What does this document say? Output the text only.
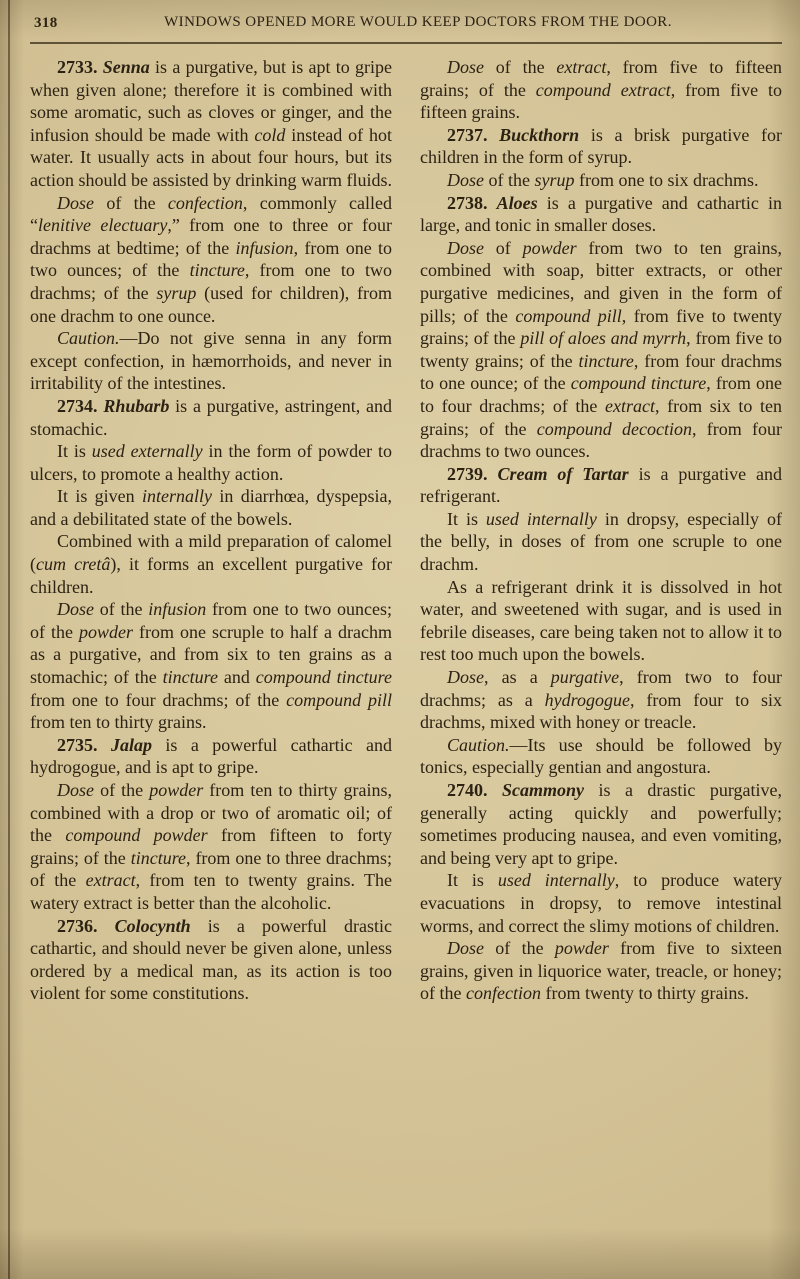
318	WINDOWS OPENED MORE WOULD KEEP DOCTORS FROM THE DOOR.

2733. Senna is a purgative, but is apt to gripe when given alone; therefore it is combined with some aromatic, such as cloves or ginger, and the infusion should be made with cold instead of hot water. It usually acts in about four hours, but its action should be assisted by drinking warm fluids.

Dose of the confection, commonly called “lenitive electuary,” from one to three or four drachms at bedtime; of the infusion, from one to two ounces; of the tincture, from one to two drachms; of the syrup (used for children), from one drachm to one ounce.

Caution.—Do not give senna in any form except confection, in hæmorrhoids, and never in irritability of the intestines.

2734. Rhubarb is a purgative, astringent, and stomachic.

It is used externally in the form of powder to ulcers, to promote a healthy action.

It is given internally in diarrhœa, dyspepsia, and a debilitated state of the bowels.

Combined with a mild preparation of calomel (cum cretâ), it forms an excellent purgative for children.

Dose of the infusion from one to two ounces; of the powder from one scruple to half a drachm as a purgative, and from six to ten grains as a stomachic; of the tincture and compound tincture from one to four drachms; of the compound pill from ten to thirty grains.

2735. Jalap is a powerful cathartic and hydrogogue, and is apt to gripe.

Dose of the powder from ten to thirty grains, combined with a drop or two of aromatic oil; of the compound powder from fifteen to forty grains; of the tincture, from one to three drachms; of the extract, from ten to twenty grains. The watery extract is better than the alcoholic.

2736. Colocynth is a powerful drastic cathartic, and should never be given alone, unless ordered by a medical man, as its action is too violent for some constitutions.

Dose of the extract, from five to fifteen grains; of the compound extract, from five to fifteen grains.

2737. Buckthorn is a brisk purgative for children in the form of syrup.

Dose of the syrup from one to six drachms.

2738. Aloes is a purgative and cathartic in large, and tonic in smaller doses.

Dose of powder from two to ten grains, combined with soap, bitter extracts, or other purgative medicines, and given in the form of pills; of the compound pill, from five to twenty grains; of the pill of aloes and myrrh, from five to twenty grains; of the tincture, from four drachms to one ounce; of the compound tincture, from one to four drachms; of the extract, from six to ten grains; of the compound decoction, from four drachms to two ounces.

2739. Cream of Tartar is a purgative and refrigerant.

It is used internally in dropsy, especially of the belly, in doses of from one scruple to one drachm.

As a refrigerant drink it is dissolved in hot water, and sweetened with sugar, and is used in febrile diseases, care being taken not to allow it to rest too much upon the bowels.

Dose, as a purgative, from two to four drachms; as a hydrogogue, from four to six drachms, mixed with honey or treacle.

Caution.—Its use should be followed by tonics, especially gentian and angostura.

2740. Scammony is a drastic purgative, generally acting quickly and powerfully; sometimes producing nausea, and even vomiting, and being very apt to gripe.

It is used internally, to produce watery evacuations in dropsy, to remove intestinal worms, and correct the slimy motions of children.

Dose of the powder from five to sixteen grains, given in liquorice water, treacle, or honey; of the confection from twenty to thirty grains.
